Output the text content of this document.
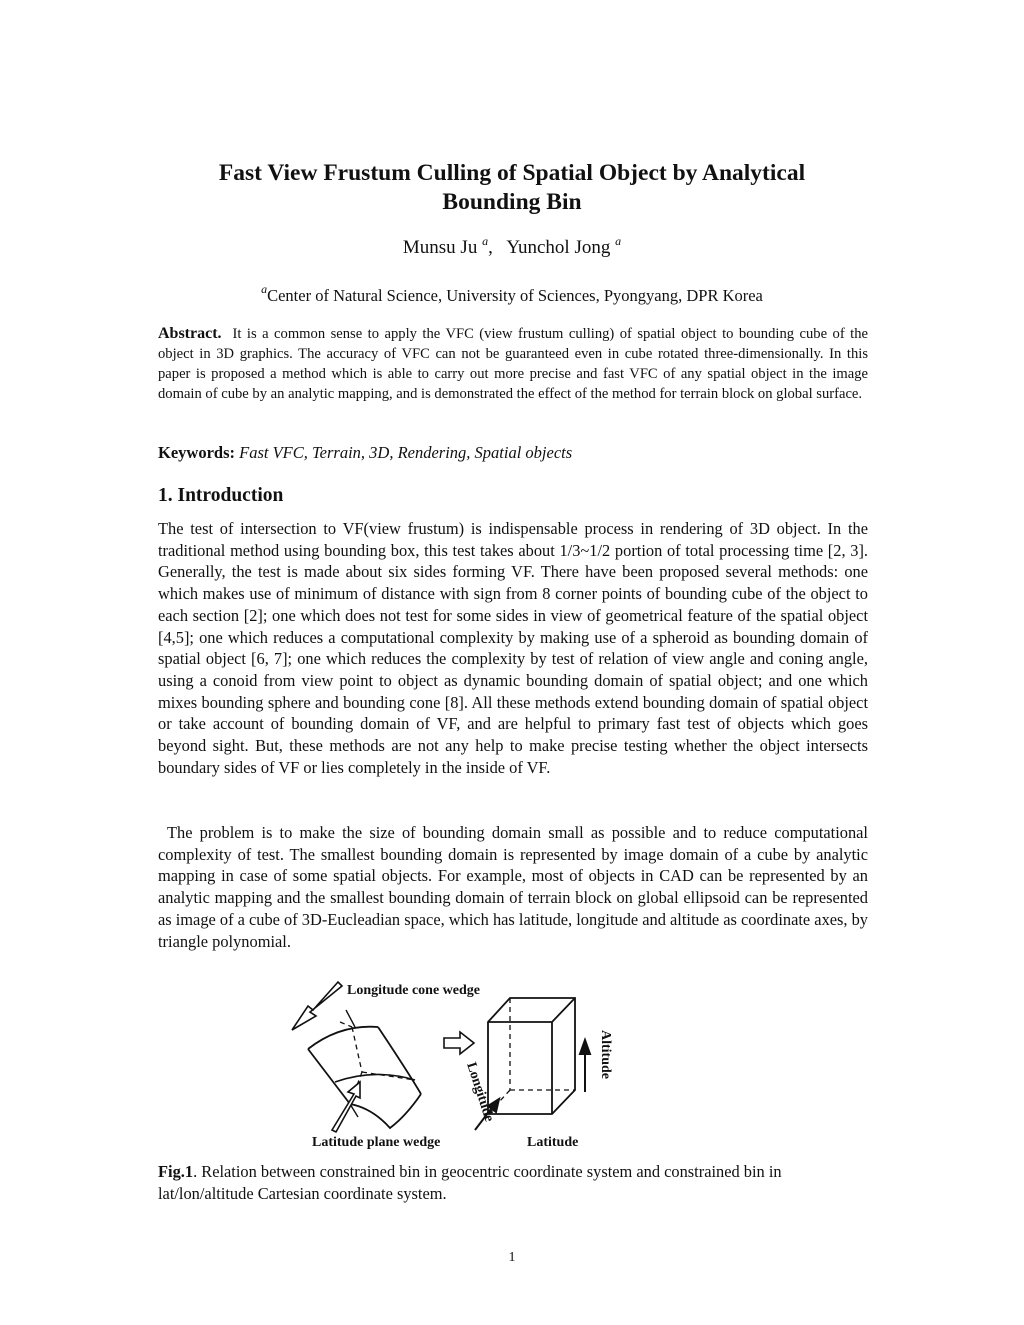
Fast View Frustum Culling of Spatial Object by Analytical
Bounding Bin
Munsu Ju $^a$, Yunchol Jong $^a$
$^a$Center of Natural Science, University of Sciences, Pyongyang, DPR Korea
Abstract. It is a common sense to apply the VFC (view frustum culling) of spatial object to bounding cube of the object in 3D graphics. The accuracy of VFC can not be guaranteed even in cube rotated three-dimensionally. In this paper is proposed a method which is able to carry out more precise and fast VFC of any spatial object in the image domain of cube by an analytic mapping, and is demonstrated the effect of the method for terrain block on global surface.
Keywords: Fast VFC, Terrain, 3D, Rendering, Spatial objects
1. Introduction
The test of intersection to VF(view frustum) is indispensable process in rendering of 3D object. In the traditional method using bounding box, this test takes about 1/3~1/2 portion of total processing time [2, 3]. Generally, the test is made about six sides forming VF. There have been proposed several methods: one which makes use of minimum of distance with sign from 8 corner points of bounding cube of the object to each section [2]; one which does not test for some sides in view of geometrical feature of the spatial object [4,5]; one which reduces a computational complexity by making use of a spheroid as bounding domain of spatial object [6, 7]; one which reduces the complexity by test of relation of view angle and coning angle, using a conoid from view point to object as dynamic bounding domain of spatial object; and one which mixes bounding sphere and bounding cone [8]. All these methods extend bounding domain of spatial object or take account of bounding domain of VF, and are helpful to primary fast test of objects which goes beyond sight. But, these methods are not any help to make precise testing whether the object intersects boundary sides of VF or lies completely in the inside of VF.
The problem is to make the size of bounding domain small as possible and to reduce computational complexity of test. The smallest bounding domain is represented by image domain of a cube by analytic mapping in case of some spatial objects. For example, most of objects in CAD can be represented by an analytic mapping and the smallest bounding domain of terrain block on global ellipsoid can be represented as image of a cube of 3D-Eucleadian space, which has latitude, longitude and altitude as coordinate axes, by triangle polynomial.
Longitude cone wedge
Latitude plane wedge
Altitude
Longitude
Latitude
Fig.1. Relation between constrained bin in geocentric coordinate system and constrained bin in lat/lon/altitude Cartesian coordinate system.
1
